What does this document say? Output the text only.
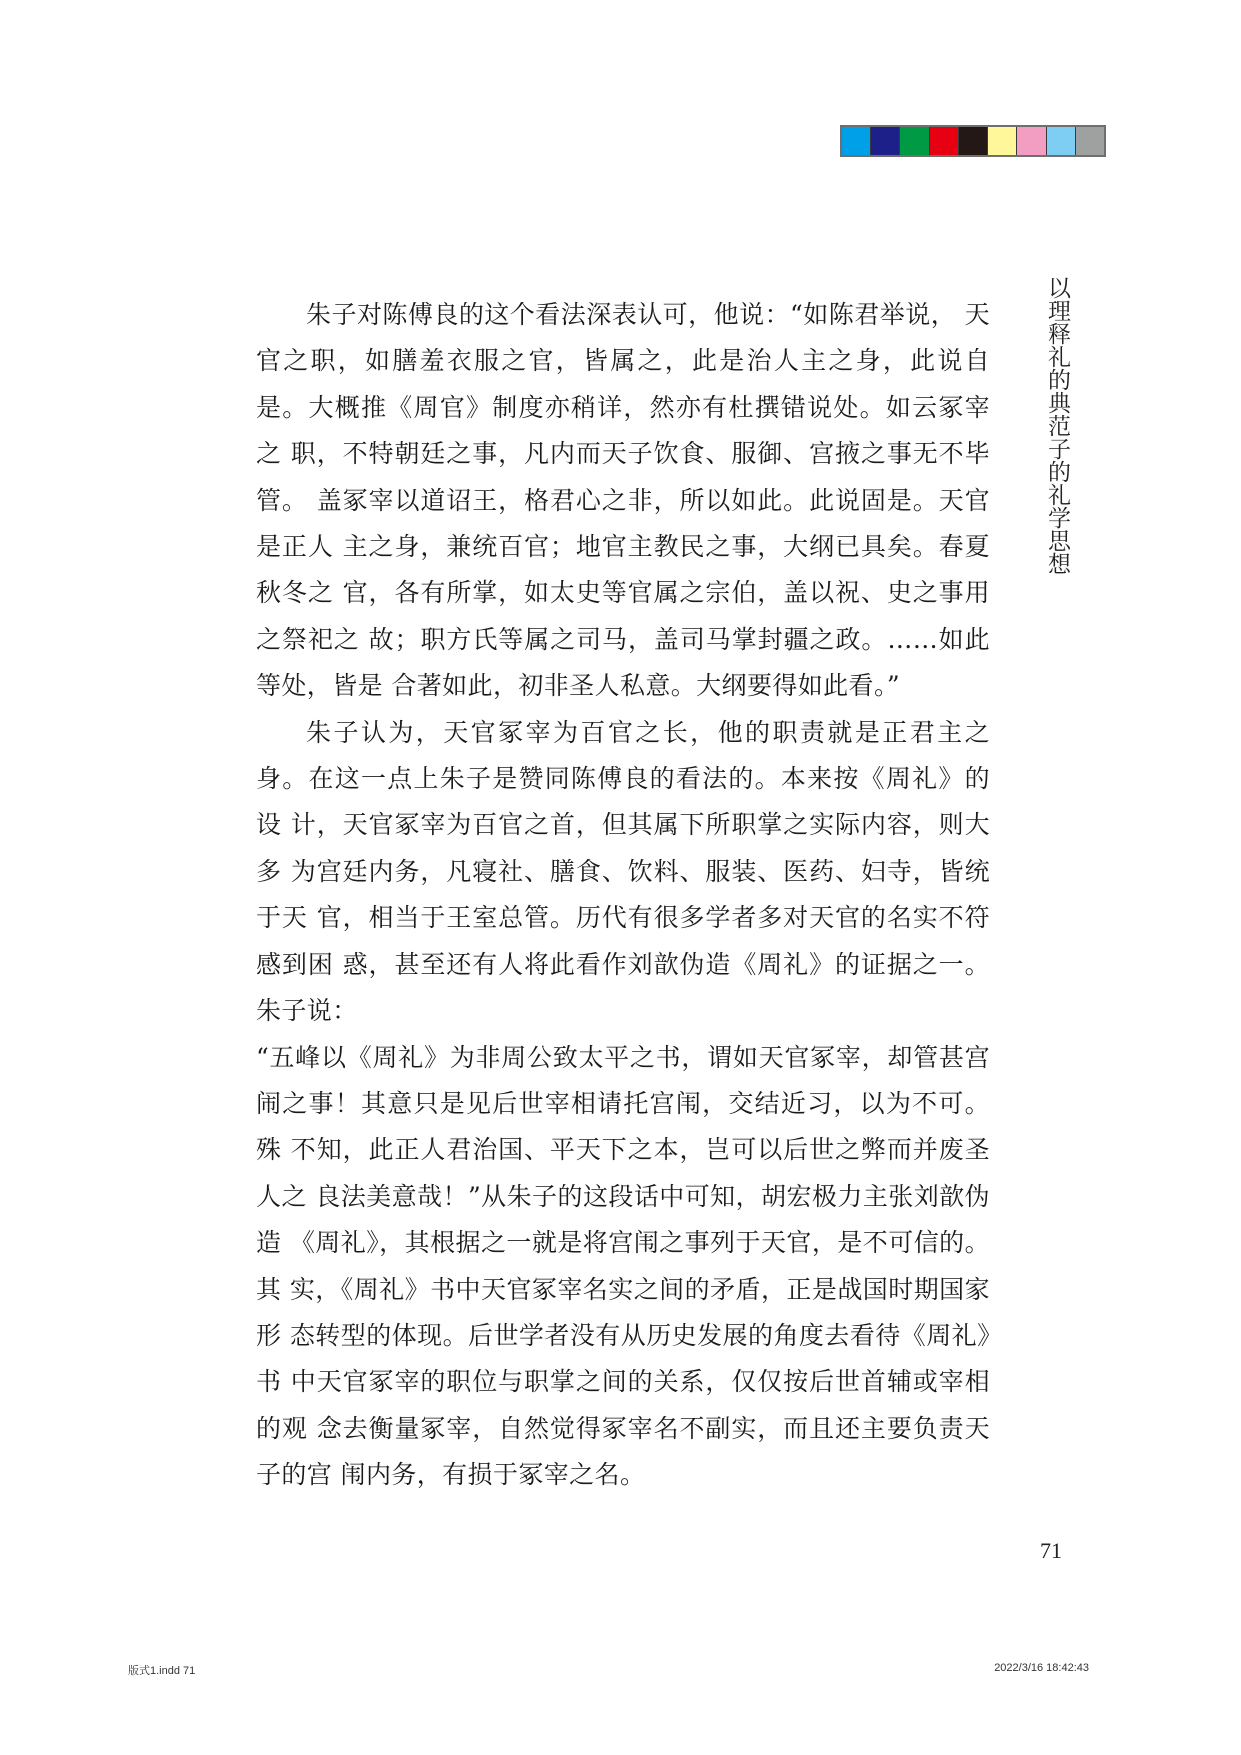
以理释礼的典范子的礼学思想

朱子对陈傅良的这个看法深表认可，他说：“如陈君举说， 天官之职，如膳羞衣服之官，皆属之，此是治人主之身，此说自 是。大概推《周官》制度亦稍详，然亦有杜撰错说处。如云冢宰之 职，不特朝廷之事，凡内而天子饮食、服御、宫掖之事无不毕管。 盖冢宰以道诏王，格君心之非，所以如此。此说固是。天官是正人 主之身，兼统百官；地官主教民之事，大纲已具矣。春夏秋冬之 官，各有所掌，如太史等官属之宗伯，盖以祝、史之事用之祭祀之 故；职方氏等属之司马，盖司马掌封疆之政。……如此等处，皆是 合著如此，初非圣人私意。大纲要得如此看。”

朱子认为，天官冢宰为百官之长，他的职责就是正君主之 身。在这一点上朱子是赞同陈傅良的看法的。本来按《周礼》的设 计，天官冢宰为百官之首，但其属下所职掌之实际内容，则大多 为宫廷内务，凡寝社、膳食、饮料、服装、医药、妇寺，皆统于天 官，相当于王室总管。历代有很多学者多对天官的名实不符感到困 惑，甚至还有人将此看作刘歆伪造《周礼》的证据之一。朱子说：

“五峰以《周礼》为非周公致太平之书，谓如天官冢宰，却管甚宫 闹之事！其意只是见后世宰相请托宫闱，交结近习，以为不可。殊 不知，此正人君治国、平天下之本，岂可以后世之弊而并废圣人之 良法美意哉！”从朱子的这段话中可知，胡宏极力主张刘歆伪造 《周礼》，其根据之一就是将宫闱之事列于天官，是不可信的。其 实，《周礼》书中天官冢宰名实之间的矛盾，正是战国时期国家形 态转型的体现。后世学者没有从历史发展的角度去看待《周礼》书 中天官冢宰的职位与职掌之间的关系，仅仅按后世首辅或宰相的观 念去衡量冢宰，自然觉得冢宰名不副实，而且还主要负责天子的宫 闱内务，有损于冢宰之名。

71
版式1.indd 71	2022/3/16 18:42:43
